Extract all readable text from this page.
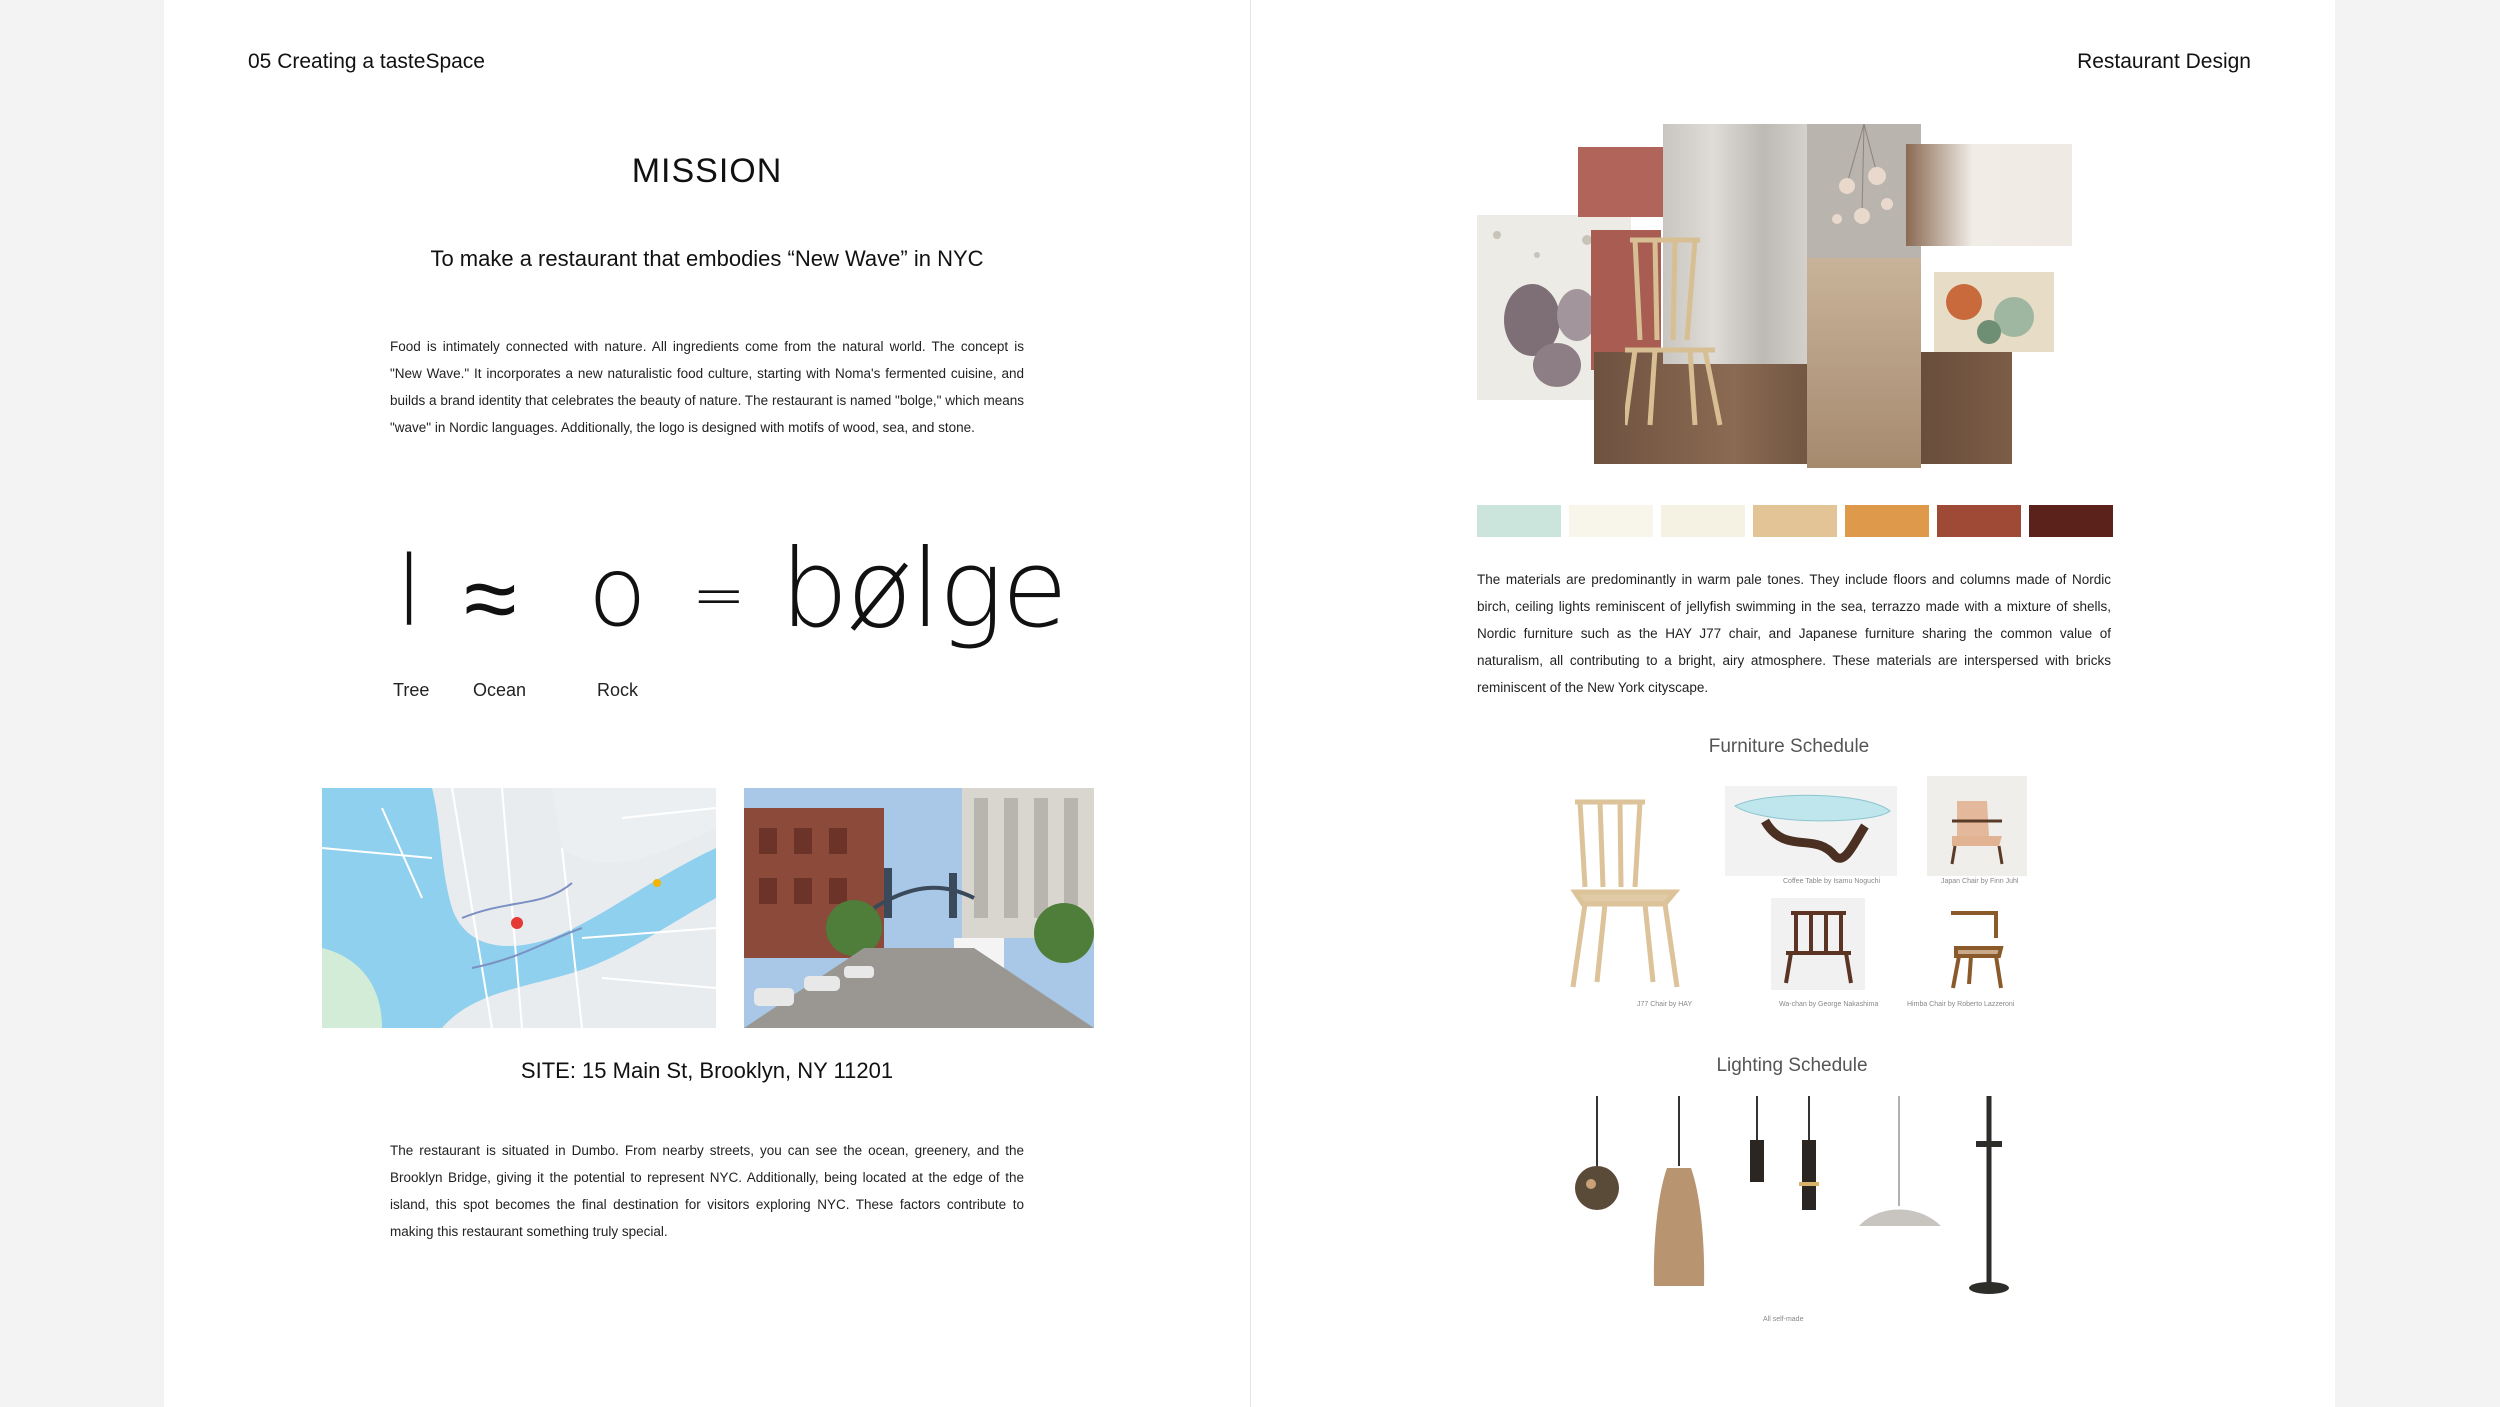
05 Creating a tasteSpace
MISSION
To make a restaurant that embodies “New Wave” in NYC
Food is intimately connected with nature. All ingredients come from the natural world. The concept is "New Wave." It incorporates a new naturalistic food culture, starting with Noma's fermented cuisine, and builds a brand identity that celebrates the beauty of nature. The restaurant is named "bolge," which means "wave" in Nordic languages. Additionally, the logo is designed with motifs of wood, sea, and stone.
l ≈ o = bølge
Tree Ocean	Rock
SITE: 15 Main St, Brooklyn, NY 11201
The restaurant is situated in Dumbo. From nearby streets, you can see the ocean, greenery, and the Brooklyn Bridge, giving it the potential to represent NYC. Additionally, being located at the edge of the island, this spot becomes the final destination for visitors exploring NYC. These factors contribute to making this restaurant something truly special.
Restaurant Design
The materials are predominantly in warm pale tones. They include floors and columns made of Nordic birch, ceiling lights reminiscent of jellyfish swimming in the sea, terrazzo made with a mixture of shells, Nordic furniture such as the HAY J77 chair, and Japanese furniture sharing the common value of naturalism, all contributing to a bright, airy atmosphere. These materials are interspersed with bricks reminiscent of the New York cityscape.
Furniture Schedule
J77 Chair by HAY
Coffee Table by Isamu Noguchi	Japan Chair by Finn Juhl
Wa-chan by George Nakashima	Himba Chair by Roberto Lazzeroni
Lighting Schedule
All self-made
